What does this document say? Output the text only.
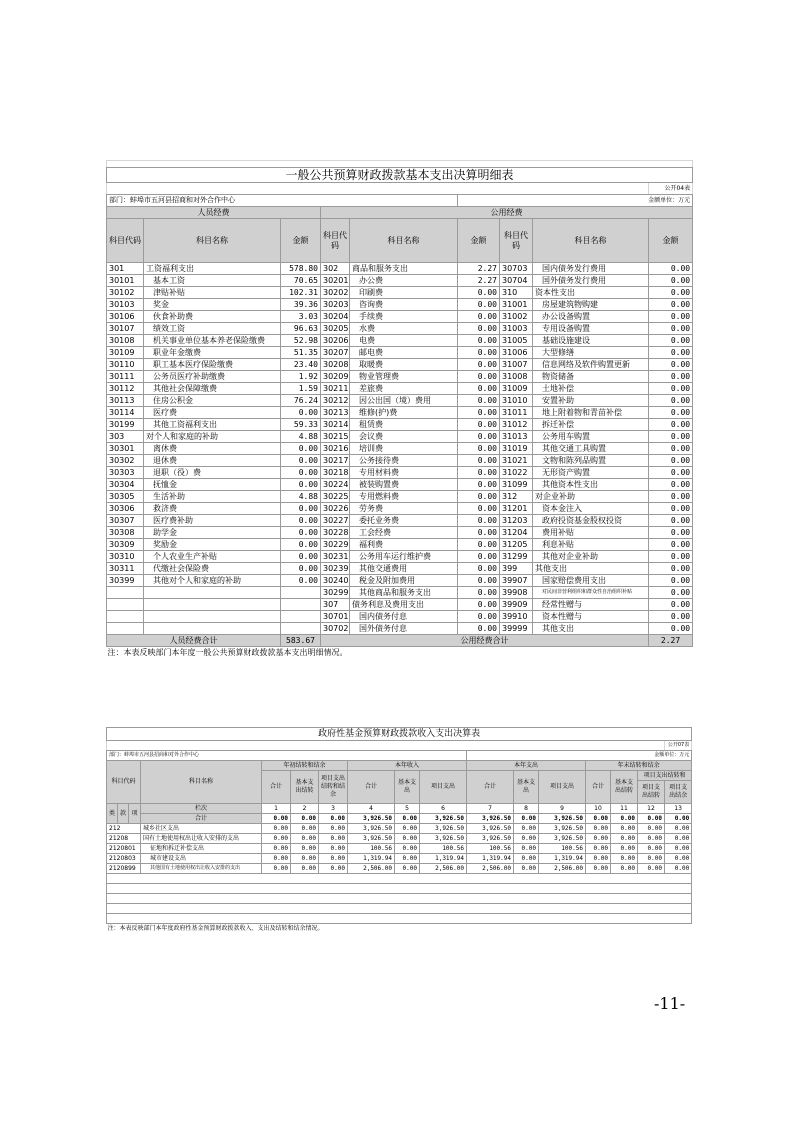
一般公共预算财政拨款基本支出决算明细表								
								公开04表
部门：蚌埠市五河县招商和对外合作中心					金额单位：万元			
人员经费			公用经费					
科目代码	科目名称	金额	科目代码	科目名称	金额	科目代码	科目名称	金额
301	工资福利支出	578.80	302	商品和服务支出	2.27	30703	国内债务发行费用	0.00
30101	基本工资	70.65	30201	办公费	2.27	30704	国外债务发行费用	0.00
30102	津贴补贴	102.31	30202	印刷费	0.00	310	资本性支出	0.00
30103	奖金	39.36	30203	咨询费	0.00	31001	房屋建筑物购建	0.00
30106	伙食补助费	3.03	30204	手续费	0.00	31002	办公设备购置	0.00
30107	绩效工资	96.63	30205	水费	0.00	31003	专用设备购置	0.00
30108	机关事业单位基本养老保险缴费	52.98	30206	电费	0.00	31005	基础设施建设	0.00
30109	职业年金缴费	51.35	30207	邮电费	0.00	31006	大型修缮	0.00
30110	职工基本医疗保险缴费	23.40	30208	取暖费	0.00	31007	信息网络及软件购置更新	0.00
30111	公务员医疗补助缴费	1.92	30209	物业管理费	0.00	31008	物资储备	0.00
30112	其他社会保障缴费	1.59	30211	差旅费	0.00	31009	土地补偿	0.00
30113	住房公积金	76.24	30212	因公出国（境）费用	0.00	31010	安置补助	0.00
30114	医疗费	0.00	30213	维修(护)费	0.00	31011	地上附着物和青苗补偿	0.00
30199	其他工资福利支出	59.33	30214	租赁费	0.00	31012	拆迁补偿	0.00
303	对个人和家庭的补助	4.88	30215	会议费	0.00	31013	公务用车购置	0.00
30301	离休费	0.00	30216	培训费	0.00	31019	其他交通工具购置	0.00
30302	退休费	0.00	30217	公务接待费	0.00	31021	文物和陈列品购置	0.00
30303	退职（役）费	0.00	30218	专用材料费	0.00	31022	无形资产购置	0.00
30304	抚恤金	0.00	30224	被装购置费	0.00	31099	其他资本性支出	0.00
30305	生活补助	4.88	30225	专用燃料费	0.00	312	对企业补助	0.00
30306	救济费	0.00	30226	劳务费	0.00	31201	资本金注入	0.00
30307	医疗费补助	0.00	30227	委托业务费	0.00	31203	政府投资基金股权投资	0.00
30308	助学金	0.00	30228	工会经费	0.00	31204	费用补贴	0.00
30309	奖励金	0.00	30229	福利费	0.00	31205	利息补贴	0.00
30310	个人农业生产补贴	0.00	30231	公务用车运行维护费	0.00	31299	其他对企业补助	0.00
30311	代缴社会保险费	0.00	30239	其他交通费用	0.00	399	其他支出	0.00
30399	其他对个人和家庭的补助	0.00	30240	税金及附加费用	0.00	39907	国家赔偿费用支出	0.00
			30299	其他商品和服务支出	0.00	39908	对民间非营利组织和群众性自治组织补贴	0.00
			307	债务利息及费用支出	0.00	39909	经常性赠与	0.00
			30701	国内债务付息	0.00	39910	资本性赠与	0.00
			30702	国外债务付息	0.00	39999	其他支出	0.00
人员经费合计		583.67	公用经费合计					2.27
注：本表反映部门本年度一般公共预算财政拨款基本支出明细情况。								
政府性基金预算财政拨款收入支出决算表																
																公开07表
部门：蚌埠市五河县招商和对外合作中心										金额单位：万元						
科目代码			科目名称	年初结转和结余			本年收入			本年支出			年末结转和结余			
				合计	基本支出结转	项目支出结转和结余	合计	基本支出	项目支出	合计	基本支出	项目支出	合计	基本支出结转	项目支出结转和	
															项目支出结转	项目支出结余
类	款	项	栏次	1	2	3	4	5	6	7	8	9	10	11	12	13
			合计	0.00	0.00	0.00	3,926.50	0.00	3,926.50	3,926.50	0.00	3,926.50	0.00	0.00	0.00	0.00
212			城乡社区支出	0.00	0.00	0.00	3,926.50	0.00	3,926.50	3,926.50	0.00	3,926.50	0.00	0.00	0.00	0.00
21208			国有土地使用权出让收入安排的支出	0.00	0.00	0.00	3,926.50	0.00	3,926.50	3,926.50	0.00	3,926.50	0.00	0.00	0.00	0.00
2120801			征地和拆迁补偿支出	0.00	0.00	0.00	100.56	0.00	100.56	100.56	0.00	100.56	0.00	0.00	0.00	0.00
2120803			城市建设支出	0.00	0.00	0.00	1,319.94	0.00	1,319.94	1,319.94	0.00	1,319.94	0.00	0.00	0.00	0.00
2120899			其他国有土地使用权出让收入安排的支出	0.00	0.00	0.00	2,506.00	0.00	2,506.00	2,506.00	0.00	2,506.00	0.00	0.00	0.00	0.00

注：本表反映部门本年度政府性基金预算财政拨款收入、支出及结转和结余情况。																
-11-
